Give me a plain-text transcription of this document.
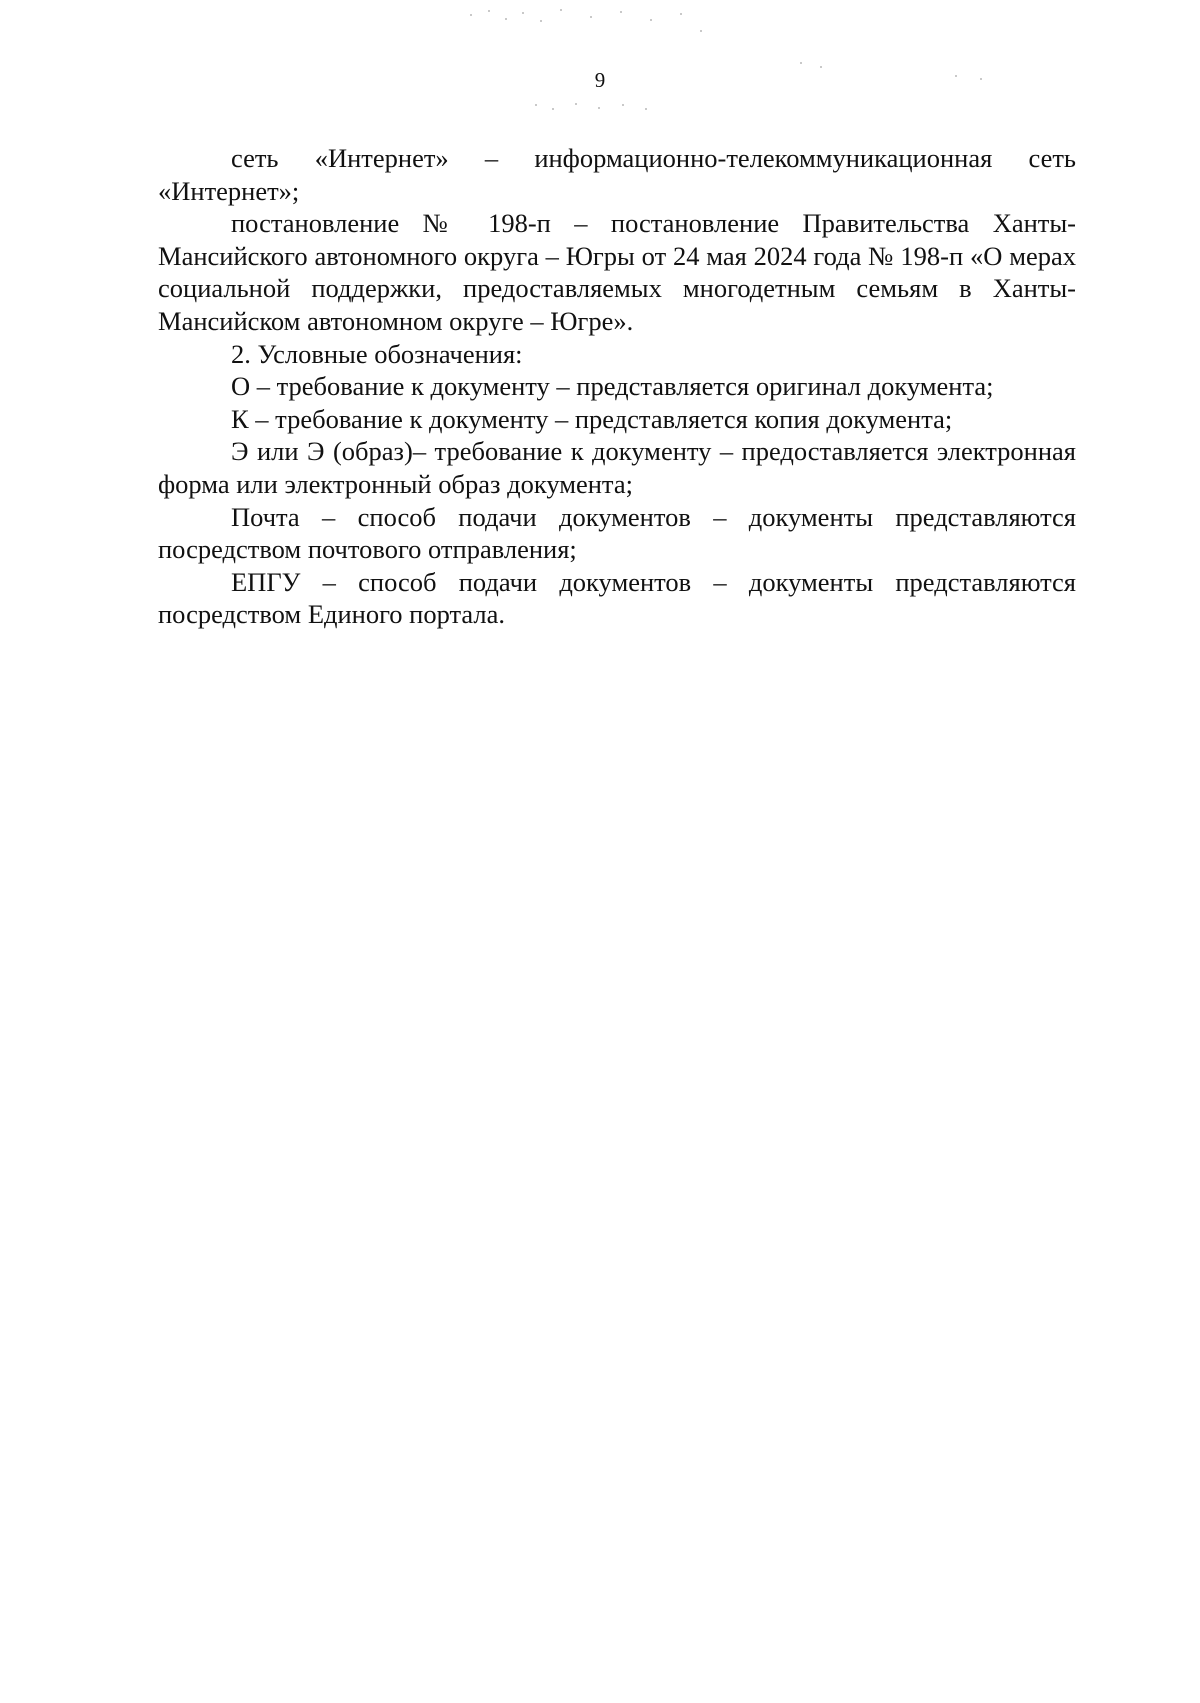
9

сеть «Интернет» – информационно-телекоммуникационная сеть «Интернет»;

постановление № 198-п – постановление Правительства Ханты-Мансийского автономного округа – Югры от 24 мая 2024 года № 198-п «О мерах социальной поддержки, предоставляемых многодетным семьям в Ханты-Мансийском автономном округе – Югре».

2. Условные обозначения:

О – требование к документу – представляется оригинал документа;

К – требование к документу – представляется копия документа;

Э или Э (образ)– требование к документу – предоставляется электронная форма или электронный образ документа;

Почта – способ подачи документов – документы представляются посредством почтового отправления;

ЕПГУ – способ подачи документов – документы представляются посредством Единого портала.
